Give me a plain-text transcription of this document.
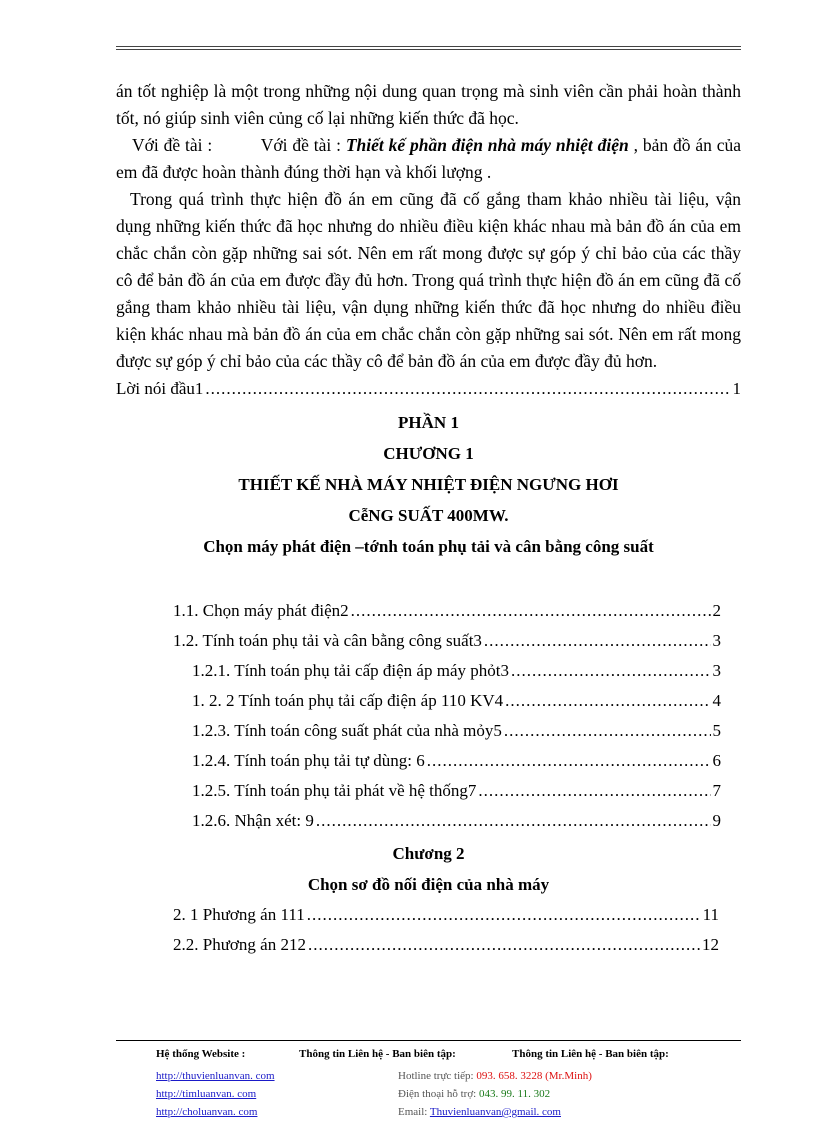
án tốt nghiệp là một trong những nội dung quan trọng mà sinh viên cần phải hoàn thành tốt, nó giúp sinh viên củng cố lại những kiến thức đã học.

Với đề tài :	Với đề tài : Thiết kế phần điện nhà máy nhiệt điện , bản đồ án của em đã được hoàn thành đúng thời hạn và khối lượng .

Trong quá trình thực hiện đồ án em cũng đã cố gắng tham khảo nhiều tài liệu, vận dụng những kiến thức đã học nhưng do nhiều điều kiện khác nhau mà bản đồ án của em chắc chắn còn gặp những sai sót. Nên em rất mong được sự góp ý chỉ bảo của các thầy cô để bản đồ án của em được đầy đủ hơn. Trong quá trình thực hiện đồ án em cũng đã cố gắng tham khảo nhiều tài liệu, vận dụng những kiến thức đã học nhưng do nhiều điều kiện khác nhau mà bản đồ án của em chắc chắn còn gặp những sai sót. Nên em rất mong được sự góp ý chỉ bảo của các thầy cô để bản đồ án của em được đầy đủ hơn.

Lời nói đầu1 .....	1

PHẦN 1

CHƯƠNG 1

THIẾT KẾ NHÀ MÁY NHIỆT ĐIỆN NGƯNG HƠI

CễNG SUẤT 400MW.

Chọn máy phát điện –tớnh toán phụ tải và cân bằng công suất

1.1. Chọn máy phát điện2 .....	2
1.2. Tính toán phụ tải và cân bằng công suất3 .....	3
1.2.1. Tính toán phụ tải cấp điện áp máy phỏt3 .....	3
1. 2. 2 Tính toán phụ tải cấp điện áp 110 KV4 .....	4
1.2.3. Tính toán công suất phát của nhà mỏy5 .....	5
1.2.4. Tính toán phụ tải tự dùng: 6 .....	6
1.2.5. Tính toán phụ tải phát về hệ thống7 .....	7
1.2.6. Nhận xét: 9 .....	9

Chương 2

Chọn sơ đồ nối điện của nhà máy

2. 1 Phương án 111 .....	11
2.2. Phương án 212 .....	12
Hệ thống Website :
http://thuvienluanvan. com
http://timluanvan. com
http://choluanvan. com
Thông tin Liên hệ - Ban biên tập:	Thông tin Liên hệ - Ban biên tập:
Hotline trực tiếp: 093. 658. 3228 (Mr.Minh)
Điện thoại hỗ trợ: 043. 99. 11. 302
Email: Thuvienluanvan@gmail. com
